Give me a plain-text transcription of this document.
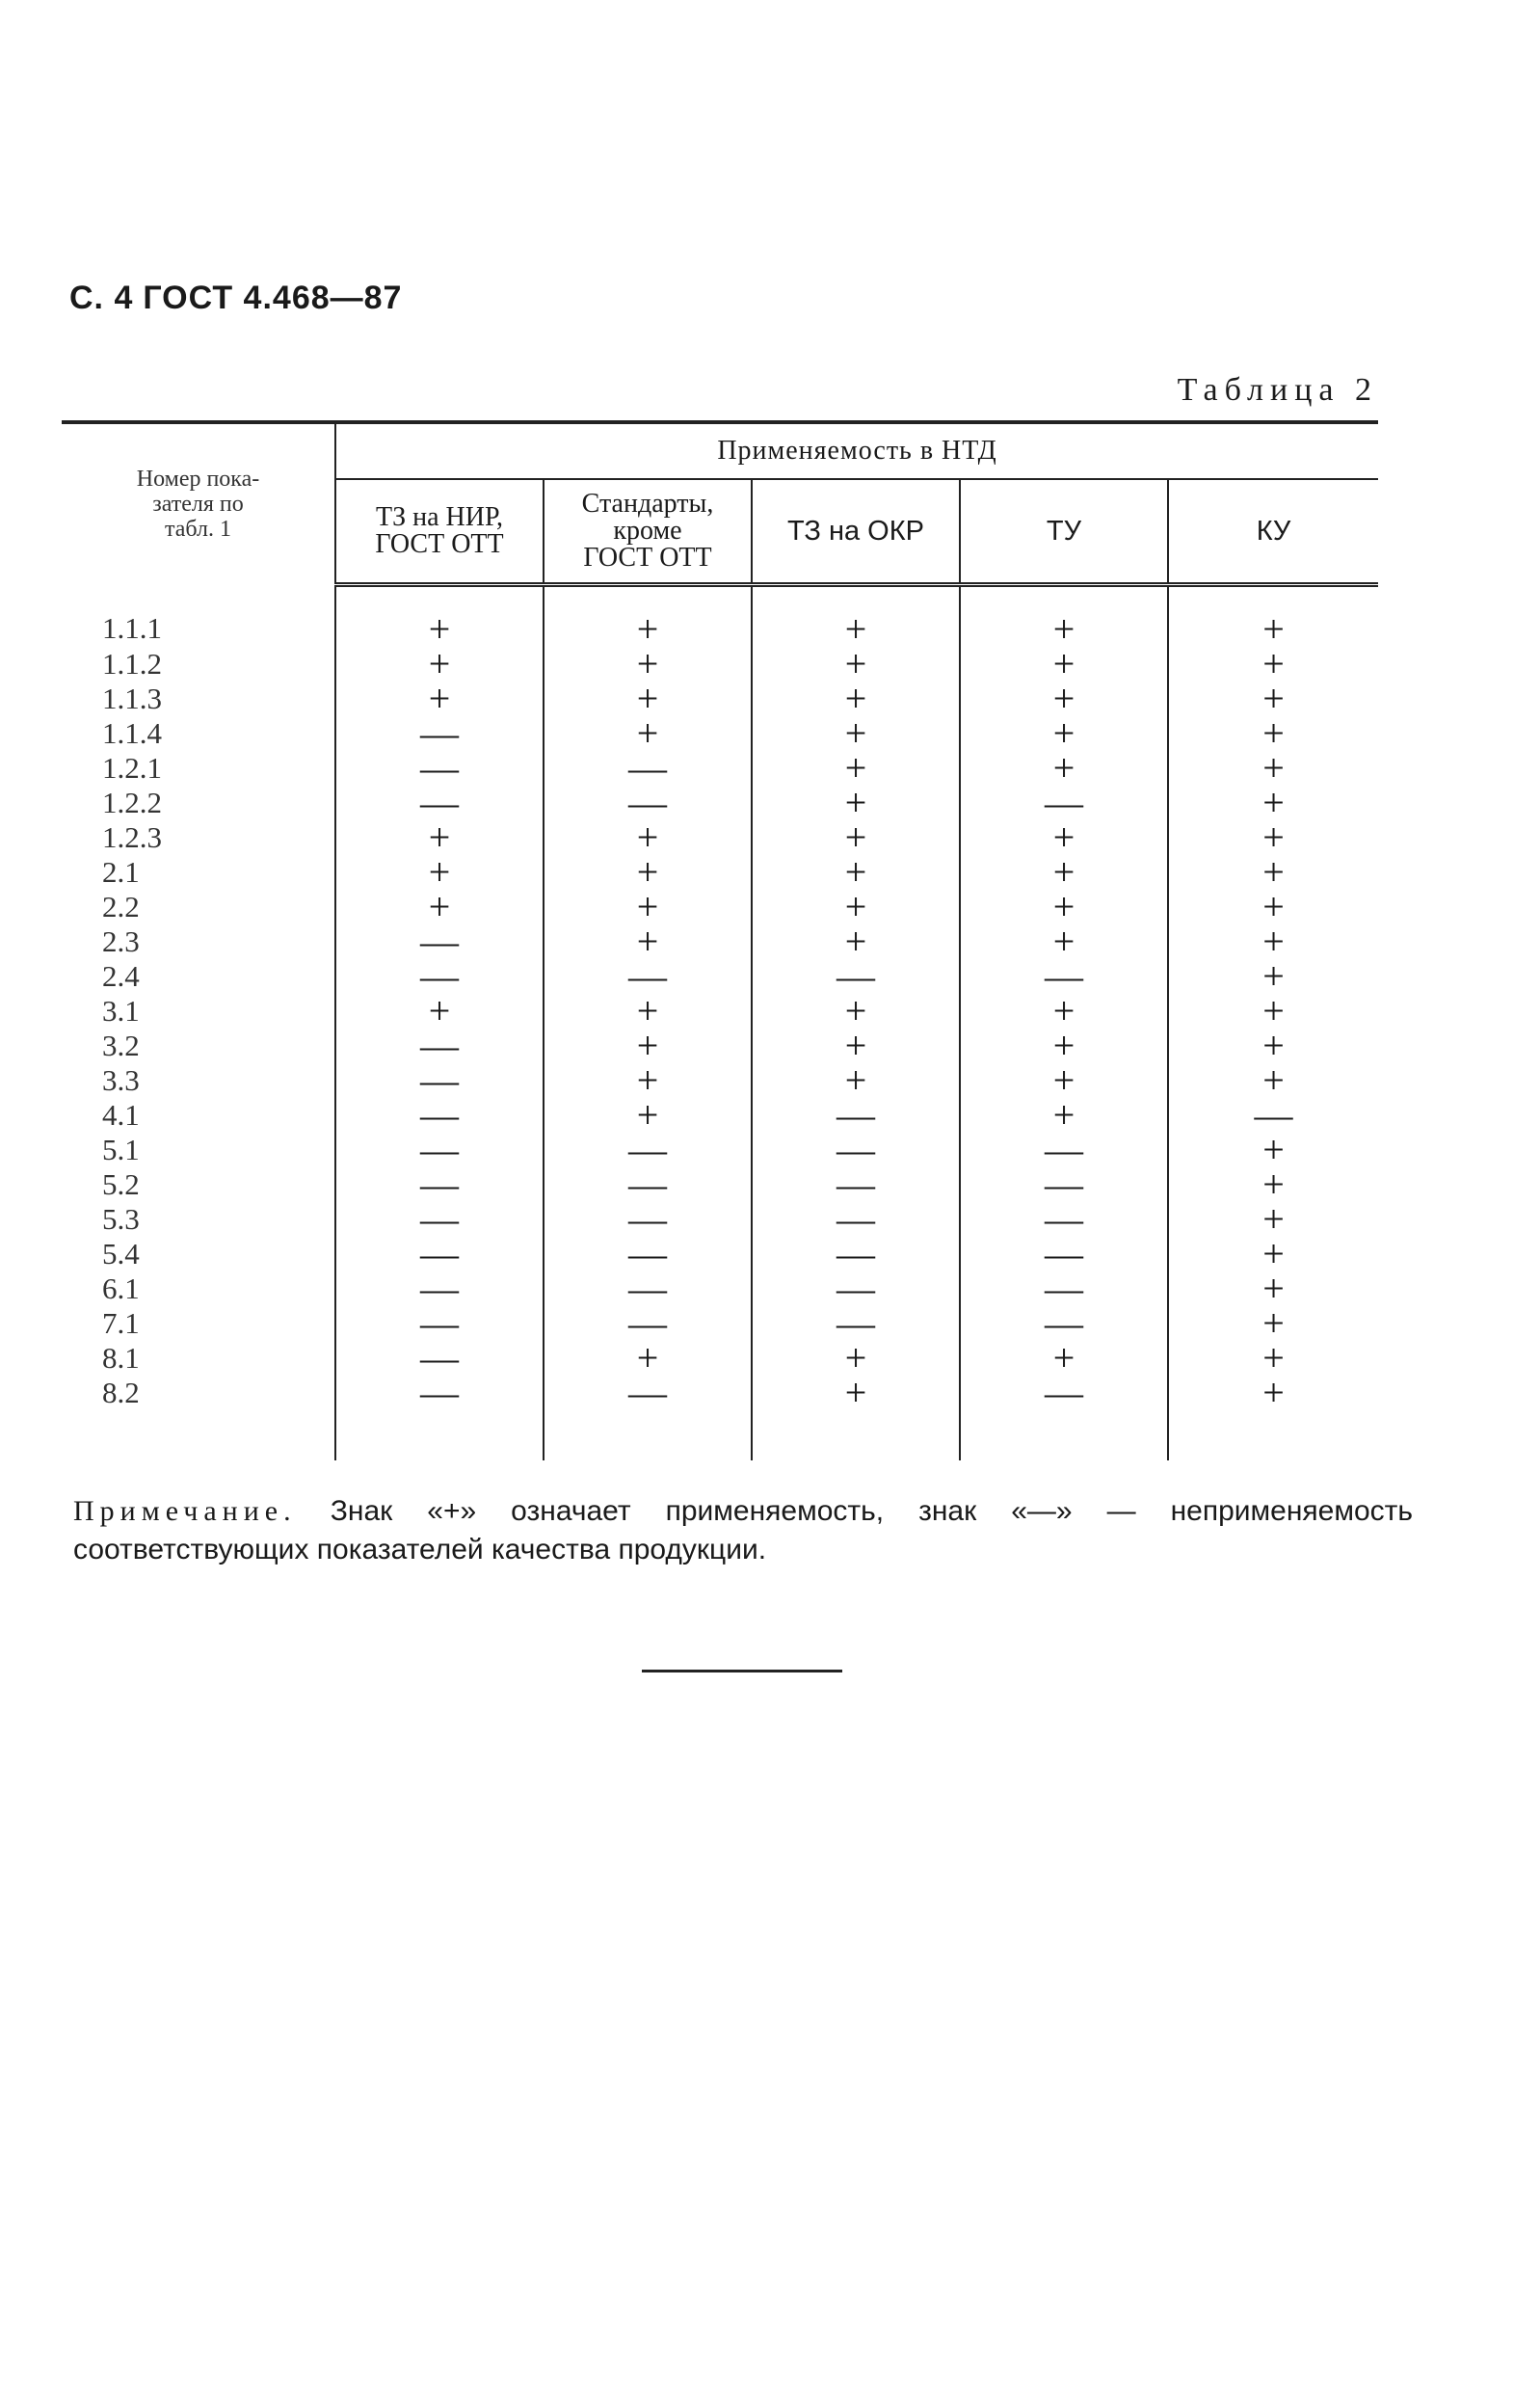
С. 4 ГОСТ 4.468—87
Таблица 2
Номер пока-
зателя по
табл. 1	Применяемость в НТД				
	ТЗ на НИР,
ГОСТ ОТТ	Стандарты,
кроме
ГОСТ ОТТ	ТЗ на ОКР	ТУ	КУ
1.1.1	+	+	+	+	+
1.1.2	+	+	+	+	+
1.1.3	+	+	+	+	+
1.1.4	—	+	+	+	+
1.2.1	—	—	+	+	+
1.2.2	—	—	+	—	+
1.2.3	+	+	+	+	+
2.1	+	+	+	+	+
2.2	+	+	+	+	+
2.3	—	+	+	+	+
2.4	—	—	—	—	+
3.1	+	+	+	+	+
3.2	—	+	+	+	+
3.3	—	+	+	+	+
4.1	—	+	—	+	—
5.1	—	—	—	—	+
5.2	—	—	—	—	+
5.3	—	—	—	—	+
5.4	—	—	—	—	+
6.1	—	—	—	—	+
7.1	—	—	—	—	+
8.1	—	+	+	+	+
8.2	—	—	+	—	+

Примечание. Знак «+» означает применяемость, знак «—» — неприменяемость соответствующих показателей качества продукции.
